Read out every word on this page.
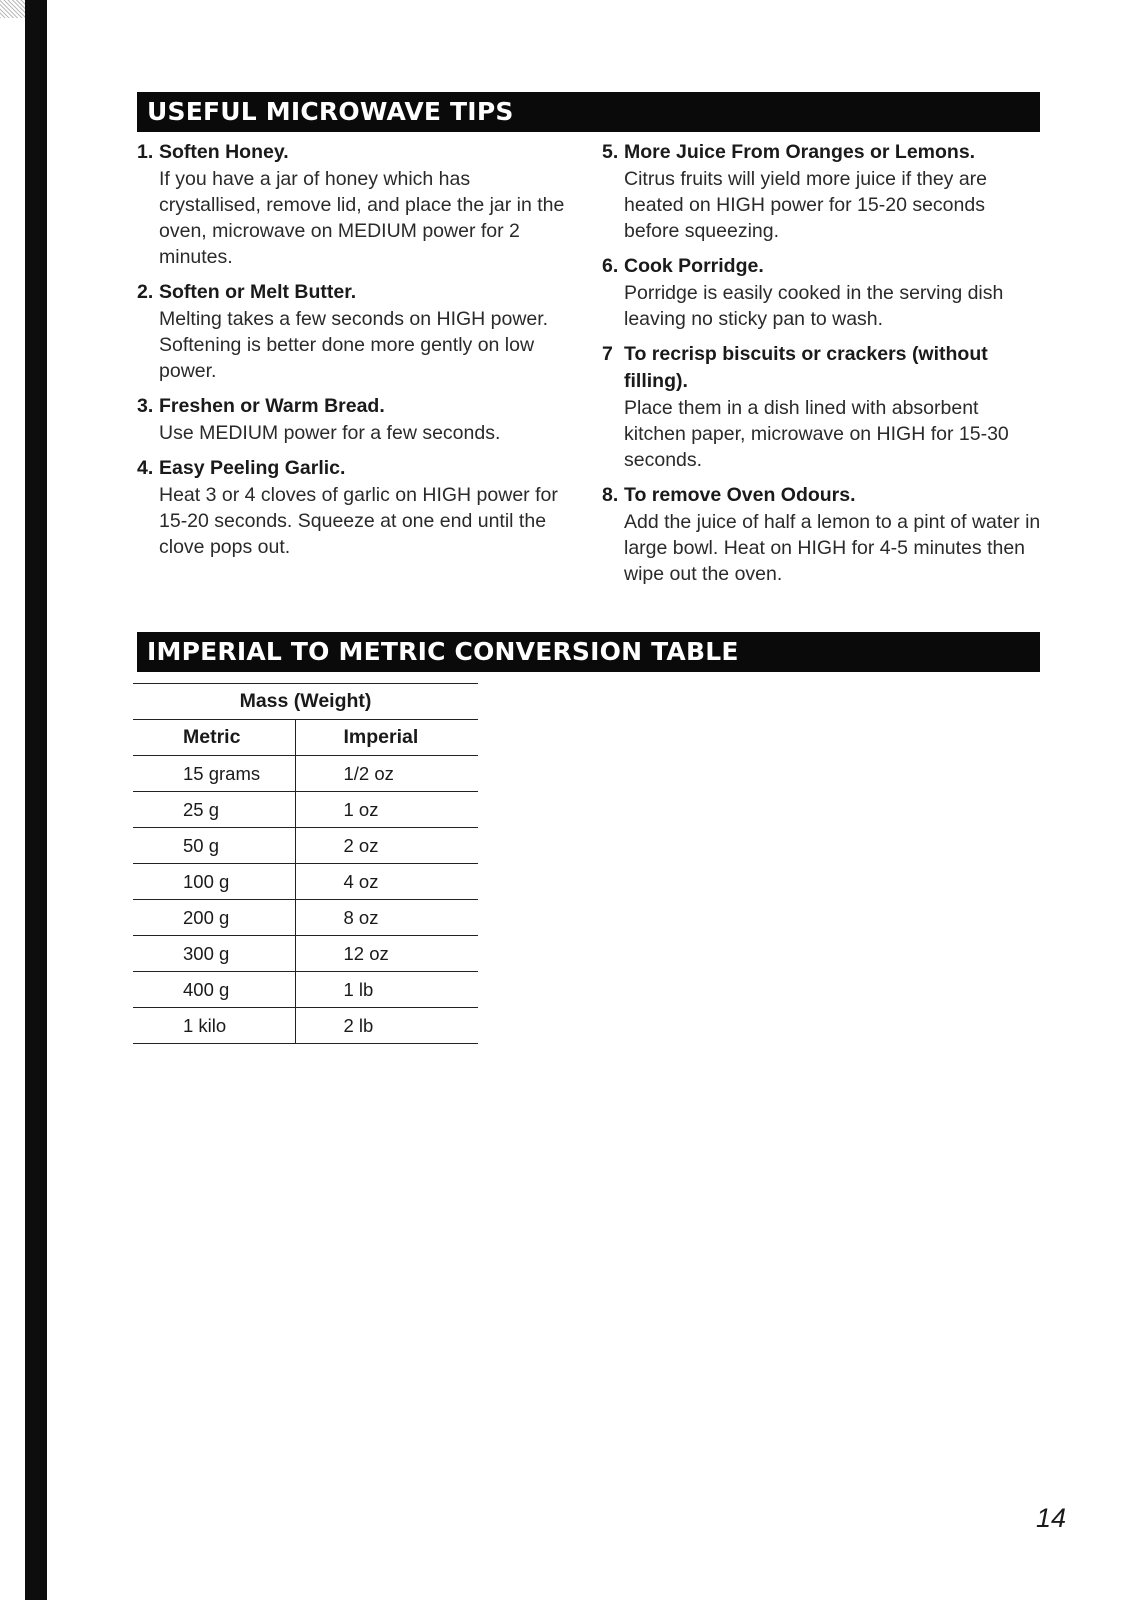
USEFUL MICROWAVE TIPS
1. Soften Honey.
If you have a jar of honey which has crystallised, remove lid, and place the jar in the oven, microwave on MEDIUM power for 2 minutes.
2. Soften or Melt Butter.
Melting takes a few seconds on HIGH power. Softening is better done more gently on low power.
3. Freshen or Warm Bread.
Use MEDIUM power for a few seconds.
4. Easy Peeling Garlic.
Heat 3 or 4 cloves of garlic on HIGH power for 15-20 seconds. Squeeze at one end until the clove pops out.
5. More Juice From Oranges or Lemons.
Citrus fruits will yield more juice if they are heated on HIGH power for 15-20 seconds before squeezing.
6. Cook Porridge.
Porridge is easily cooked in the serving dish leaving no sticky pan to wash.
7 To recrisp biscuits or crackers (without filling).
Place them in a dish lined with absorbent kitchen paper, microwave on HIGH for 15-30 seconds.
8. To remove Oven Odours.
Add the juice of half a lemon to a pint of water in large bowl. Heat on HIGH for 4-5 minutes then wipe out the oven.
IMPERIAL TO METRIC CONVERSION TABLE
Mass (Weight)	
Metric	Imperial
15 grams	1/2 oz
25 g	1 oz
50 g	2 oz
100 g	4 oz
200 g	8 oz
300 g	12 oz
400 g	1 lb
1 kilo	2 lb
14
